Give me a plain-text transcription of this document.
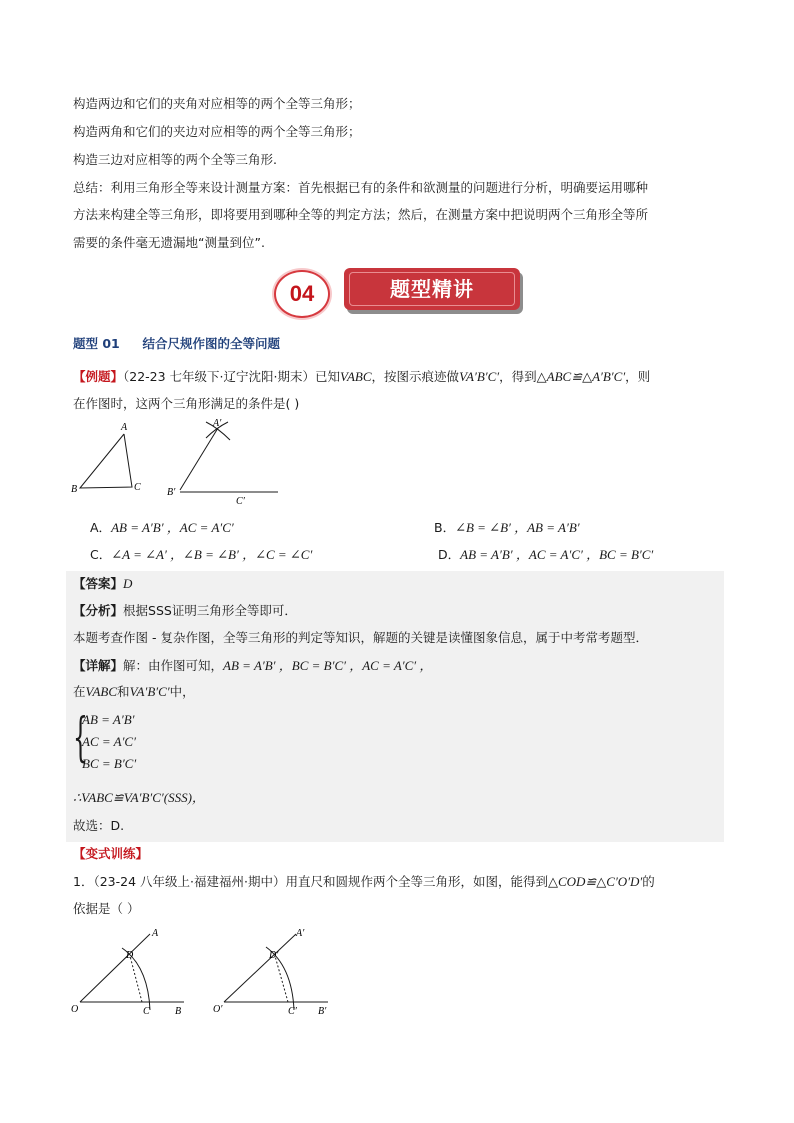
构造两边和它们的夹角对应相等的两个全等三角形；
构造两角和它们的夹边对应相等的两个全等三角形；
构造三边对应相等的两个全等三角形.
总结：利用三角形全等来设计测量方案：首先根据已有的条件和欲测量的问题进行分析，明确要运用哪种
方法来构建全等三角形，即将要用到哪种全等的判定方法；然后，在测量方案中把说明两个三角形全等所
需要的条件毫无遗漏地“测量到位”.
04	题型精讲
题型 01 结合尺规作图的全等问题
【例题】（22-23 七年级下·辽宁沈阳·期末）已知VABC，按图示痕迹做VA′B′C′，得到△ABC≌△A′B′C′，则
在作图时，这两个三角形满足的条件是( )
A
B	C
A′
B′
C′
A．AB = A′B′ ，AC = A′C′	B．∠B = ∠B′ ，AB = A′B′
C．∠A = ∠A′ ，∠B = ∠B′ ，∠C = ∠C′	D．AB = A′B′ ，AC = A′C′ ，BC = B′C′
【答案】D
【分析】根据SSS证明三角形全等即可．
本题考查作图 - 复杂作图，全等三角形的判定等知识，解题的关键是读懂图象信息，属于中考常考题型．
【详解】解：由作图可知，AB = A′B′ ，BC = B′C′ ，AC = A′C′ ，
在VABC和VA′B′C′中，
{
AB = A′B′
AC = A′C′
BC = B′C′
∴VABC≌VA′B′C′(SSS)，
故选：D.
【变式训练】
1．（23-24 八年级上·福建福州·期中）用直尺和圆规作两个全等三角形，如图，能得到△COD≌△C′O′D′的
依据是（ ）
A
D
O	C	B
A′
D′
O′	C′ B′
